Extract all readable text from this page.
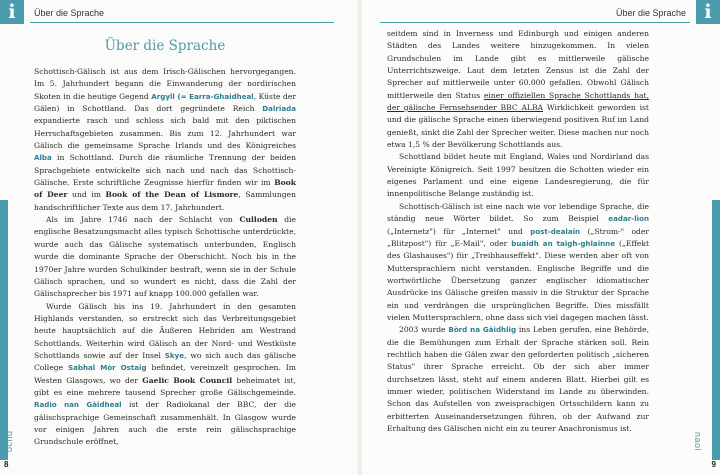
i	Über die Sprache
Über die Sprache

Schottisch-Gälisch ist aus dem Irisch-Gälischen hervorgegangen. Im 5. Jahrhundert begann die Einwanderung der nordirischen Skoten in die heutige Gegend Argyll (= Earra-Ghaidheal, Küste der Gälen) in Schottland. Das dort gegründete Reich Dalriada expandierte rasch und schloss sich bald mit den piktischen Herrschaftsgebieten zusammen. Bis zum 12. Jahrhundert war Gälisch die gemeinsame Sprache Irlands und des Königreiches Alba in Schottland. Durch die räumliche Trennung der beiden Sprachgebiete entwickelte sich nach und nach das Schottisch-Gälische. Erste schriftliche Zeugnisse hierfür finden wir im Book of Deer und im Book of the Dean of Lismore, Sammlungen handschriftlicher Texte aus dem 17. Jahrhundert.

Als im Jahre 1746 nach der Schlacht von Culloden die englische Besatzungsmacht alles typisch Schottische unterdrückte, wurde auch das Gälische systematisch unterbunden, Englisch wurde die dominante Sprache der Oberschicht. Noch bis in the 1970er Jahre wurden Schulkinder bestraft, wenn sie in der Schule Gälisch sprachen, und so wundert es nicht, dass die Zahl der Gälischsprecher bis 1971 auf knapp 100.000 gefallen war.

Wurde Gälisch bis ins 19. Jahrhundert in den gesamten Highlands verstanden, so erstreckt sich das Verbreitungsgebiet heute hauptsächlich auf die Äußeren Hebriden am Westrand Schottlands. Weiterhin wird Gälisch an der Nord- und Westküste Schottlands sowie auf der Insel Skye, wo sich auch das gälische College Sabhal Mòr Ostaig befindet, vereinzelt gesprochen. Im Westen Glasgows, wo der Gaelic Book Council beheimatet ist, gibt es eine mehrere tausend Sprecher große Gälischgemeinde. Radio nan Gàidheal ist der Radiokanal der BBC, der die gälischsprachige Gemeinschaft zusammenhält. In Glasgow wurde vor einigen Jahren auch die erste rein gälischsprachige Grundschule eröffnet,

ochd
8
i
Über die Sprache

seitdem sind in Inverness und Edinburgh und einigen anderen Städten des Landes weitere hinzugekommen. In vielen Grundschulen im Lande gibt es mittlerweile gälische Unterrichtszweige. Laut dem letzten Zensus ist die Zahl der Sprecher auf mittlerweile unter 60.000 gefallen. Obwohl Gälisch mittlerweile den Status einer offiziellen Sprache Schottlands hat, der gälische Fernsehsender BBC ALBA Wirklichkeit geworden ist und die gälische Sprache einen überwiegend positiven Ruf im Land genießt, sinkt die Zahl der Sprecher weiter. Diese machen nur noch etwa 1,5 % der Bevölkerung Schottlands aus.

Schottland bildet heute mit England, Wales und Nordirland das Vereinigte Königreich. Seit 1997 besitzen die Schotten wieder ein eigenes Parlament und eine eigene Landesregierung, die für innenpolitische Belange zuständig ist.

Schottisch-Gälisch ist eine nach wie vor lebendige Sprache, die ständig neue Wörter bildet. So zum Beispiel eadar-lìon („Internetz") für „Internet" und post-dealain („Strom-" oder „Blitzpost") für „E-Mail", oder buaidh an taigh-ghlainne („Effekt des Glashauses") für „Treibhauseffekt". Diese werden aber oft von Muttersprachlern nicht verstanden. Englische Begriffe und die wortwörtliche Übersetzung ganzer englischer idiomatischer Ausdrücke ins Gälische greifen massiv in die Struktur der Sprache ein und verdrängen die ursprünglichen Begriffe. Dies missfällt vielen Muttersprachlern, ohne dass sich viel dagegen machen lässt.

2003 wurde Bòrd na Gàidhlig ins Leben gerufen, eine Behörde, die die Bemühungen zum Erhalt der Sprache stärken soll. Rein rechtlich haben die Gälen zwar den geforderten politisch „sicheren Status" ihrer Sprache erreicht. Ob der sich aber immer durchsetzen lässt, steht auf einem anderen Blatt. Hierbei gilt es immer wieder, politischen Widerstand im Lande zu überwinden. Schon das Aufstellen von zweisprachigen Ortsschildern kann zu erbitterten Auseinandersetzungen führen, ob der Aufwand zur Erhaltung des Gälischen nicht ein zu teurer Anachronismus ist.

naoi
9
